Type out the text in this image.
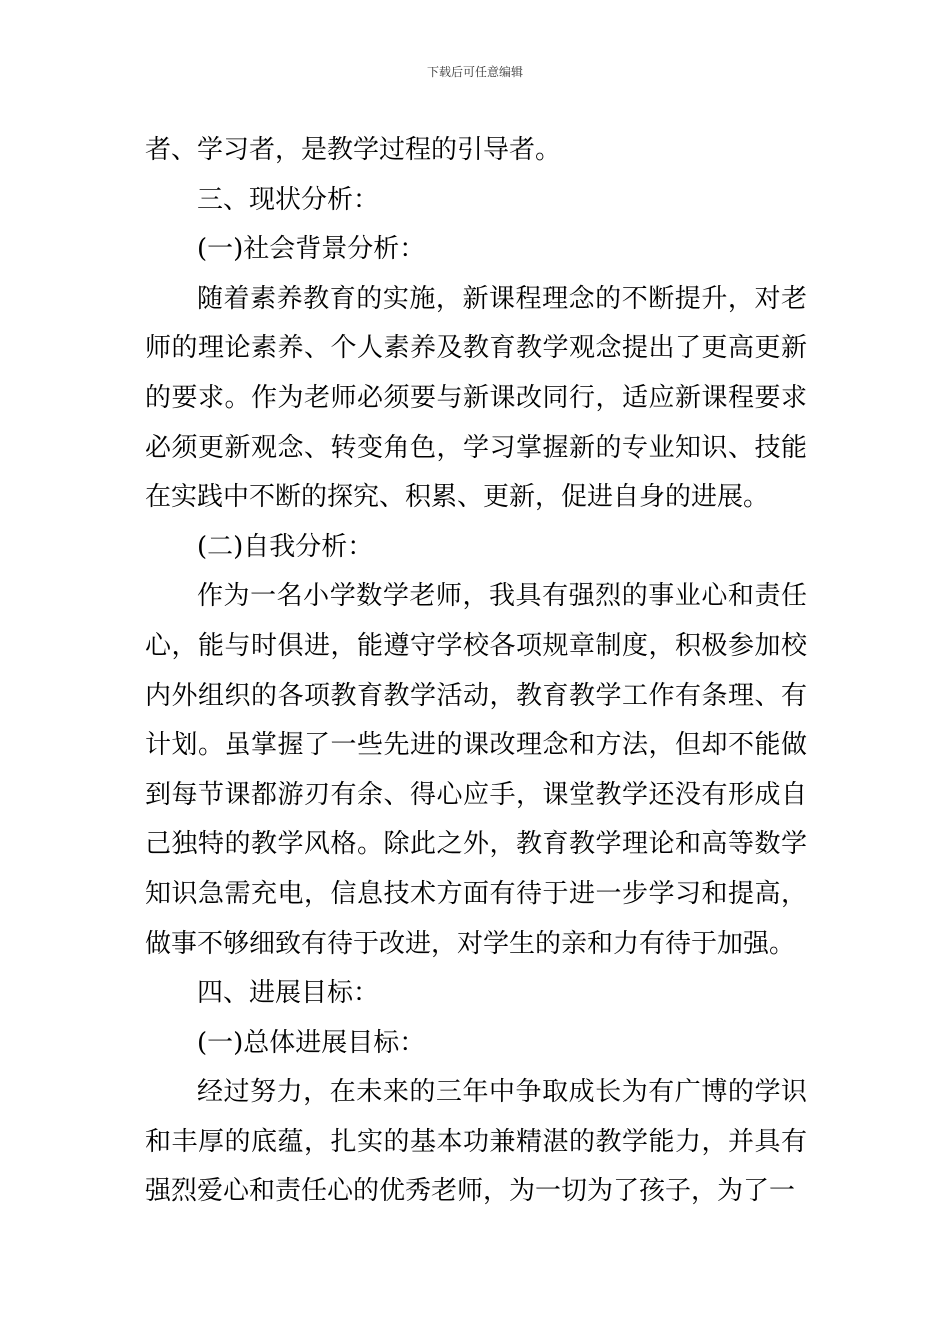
下载后可任意编辑

者、学习者，是教学过程的引导者。

三、现状分析：

(一)社会背景分析：

随着素养教育的实施，新课程理念的不断提升，对老师的理论素养、个人素养及教育教学观念提出了更高更新的要求。作为老师必须要与新课改同行，适应新课程要求必须更新观念、转变角色，学习掌握新的专业知识、技能在实践中不断的探究、积累、更新，促进自身的进展。

(二)自我分析：

作为一名小学数学老师，我具有强烈的事业心和责任心，能与时俱进，能遵守学校各项规章制度，积极参加校内外组织的各项教育教学活动，教育教学工作有条理、有计划。虽掌握了一些先进的课改理念和方法，但却不能做到每节课都游刃有余、得心应手，课堂教学还没有形成自己独特的教学风格。除此之外，教育教学理论和高等数学知识急需充电，信息技术方面有待于进一步学习和提高，做事不够细致有待于改进，对学生的亲和力有待于加强。

四、进展目标：

(一)总体进展目标：

经过努力，在未来的三年中争取成长为有广博的学识和丰厚的底蕴，扎实的基本功兼精湛的教学能力，并具有强烈爱心和责任心的优秀老师，为一切为了孩子，为了一
